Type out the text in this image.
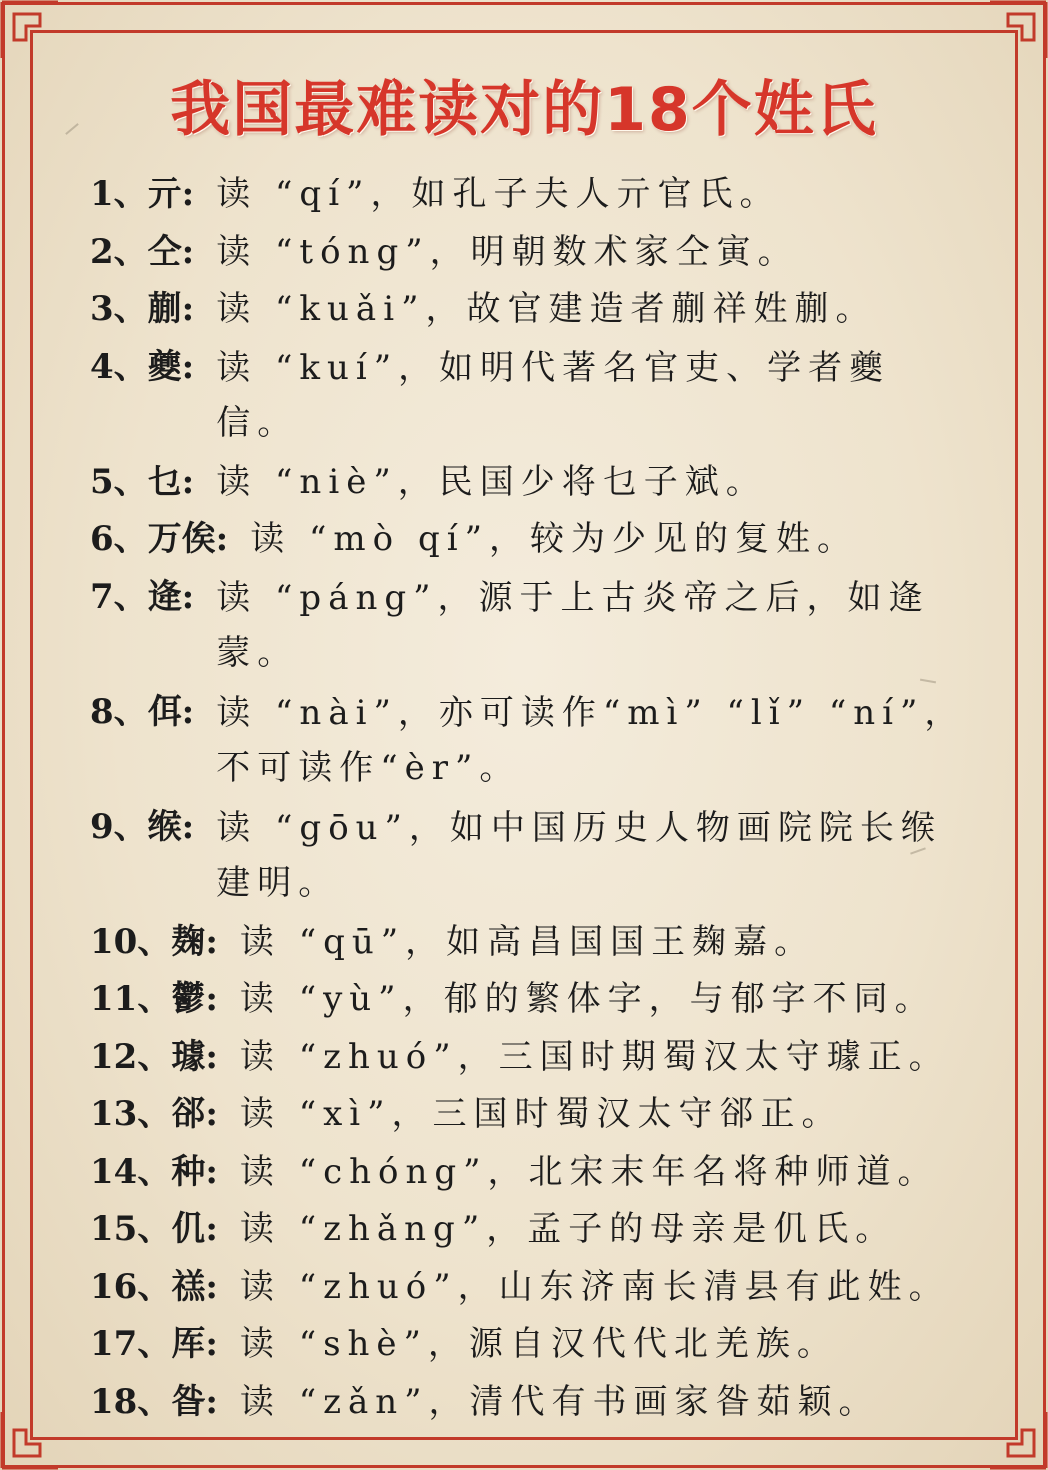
我国最难读对的18个姓氏
1 、 亓 : 读 “qí”，如孔子夫人亓官氏。
2 、 仝 : 读 “tóng”，明朝数术家仝寅。
3 、 蒯 : 读 “kuǎi”，故官建造者蒯祥姓蒯。
4 、 夔 : 读 “kuí”，如明代著名官吏、学者夔信。
5 、 乜 : 读 “niè”，民国少将乜子斌。
6 、 万俟 : 读 “mò qí”，较为少见的复姓。
7 、 逄 : 读 “páng”，源于上古炎帝之后，如逄蒙。
8 、 佴 : 读 “nài”，亦可读作“mì” “lǐ” “ní”，不可读作“èr”。
9 、 缑 : 读 “gōu”，如中国历史人物画院院长缑建明。
10 、 麹 : 读 “qū”，如高昌国国王麹嘉。
11 、 鬱 : 读 “yù”，郁的繁体字，与郁字不同。
12 、 璩 : 读 “zhuó”，三国时期蜀汉太守璩正。
13 、 郤 : 读 “xì”，三国时蜀汉太守郤正。
14 、 种 : 读 “chóng”，北宋末年名将种师道。
15 、 仉 : 读 “zhǎng”，孟子的母亲是仉氏。
16 、 禚 : 读 “zhuó”，山东济南长清县有此姓。
17 、 厍 : 读 “shè”，源自汉代代北羌族。
18 、 昝 : 读 “zǎn”，清代有书画家昝茹颖。
